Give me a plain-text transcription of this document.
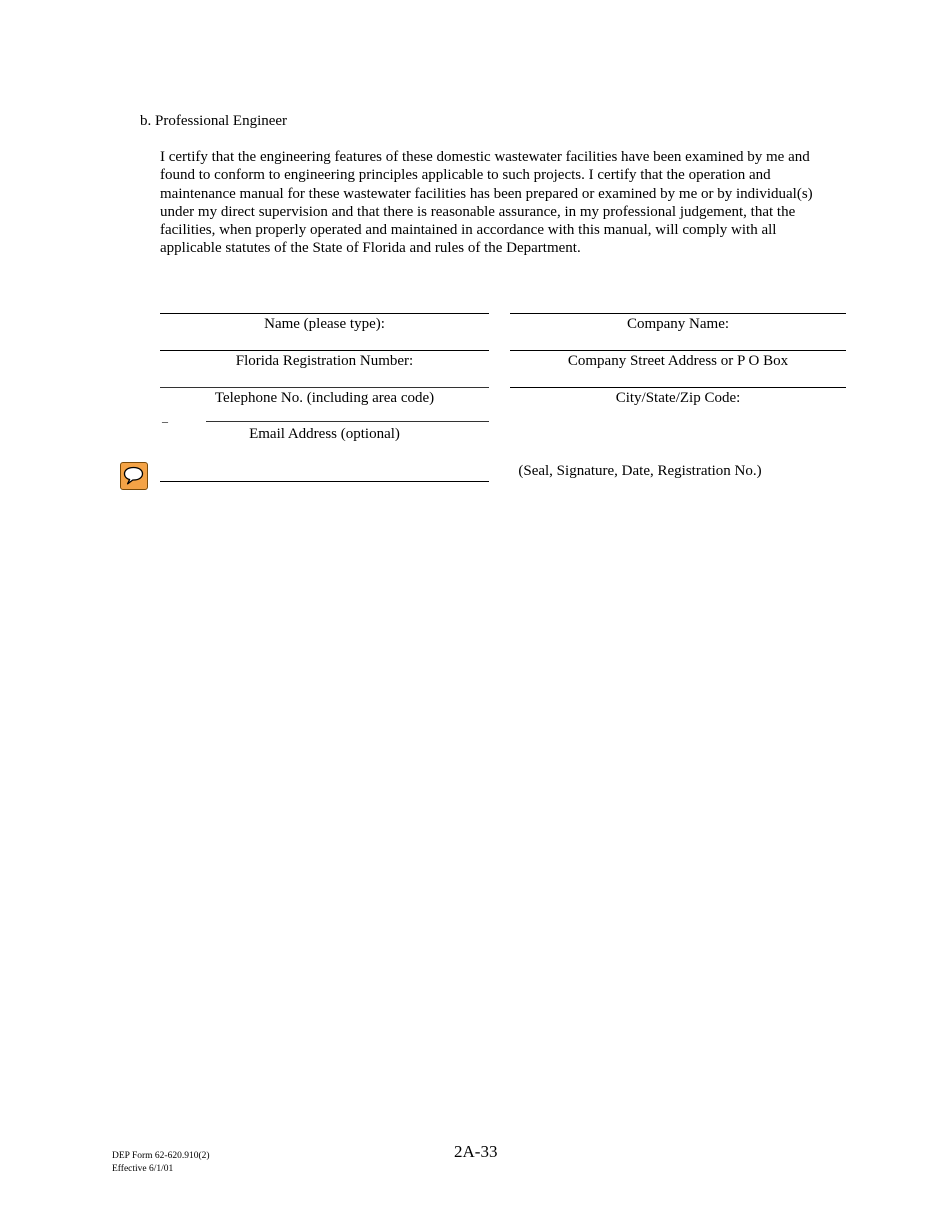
b. Professional Engineer

I certify that the engineering features of these domestic wastewater facilities have been examined by me and found to conform to engineering principles applicable to such projects. I certify that the operation and maintenance manual for these wastewater facilities has been prepared or examined by me or by individual(s) under my direct supervision and that there is reasonable assurance, in my professional judgement, that the facilities, when properly operated and maintained in accordance with this manual, will comply with all applicable statutes of the State of Florida and rules of the Department.

Name (please type):
Florida Registration Number:
Telephone No. (including area code)
–
Email Address (optional)
Company Name:
Company Street Address or P O Box
City/State/Zip Code:
(Seal, Signature, Date, Registration No.)
DEP Form 62-620.910(2)
Effective 6/1/01
2A-33
